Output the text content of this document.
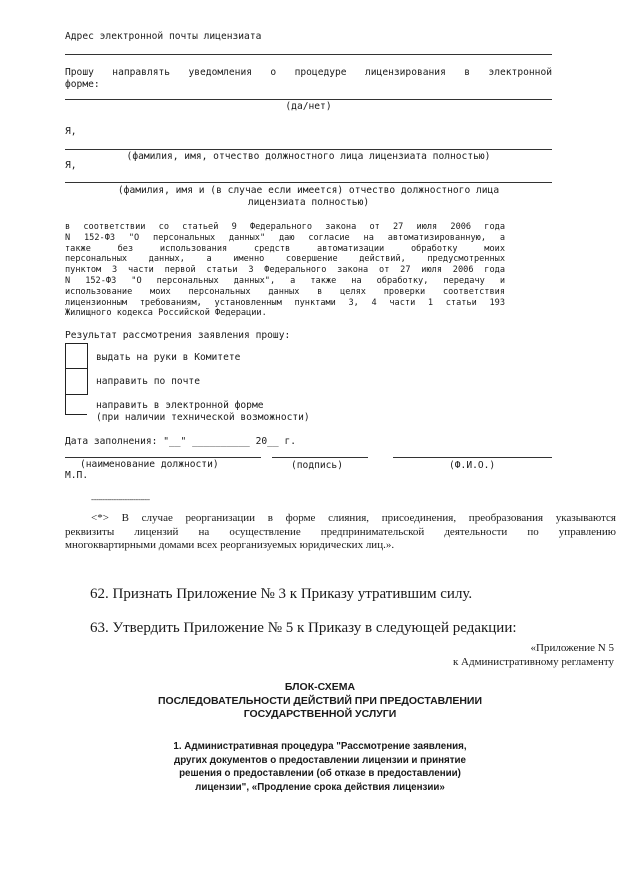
Адрес электронной почты лицензиата
Прошу направлять уведомления о процедуре лицензирования в электронной
форме:
(да/нет)
Я,
(фамилия, имя, отчество должностного лица лицензиата полностью)
Я,
(фамилия, имя и (в случае если имеется) отчество должностного лица
лицензиата полностью)
в соответствии со статьей 9 Федерального закона от 27 июля 2006 года
N 152-ФЗ "О персональных данных" даю согласие на автоматизированную, а
также без использования средств автоматизации обработку моих
персональных данных, а именно совершение действий, предусмотренных
пунктом 3 части первой статьи 3 Федерального закона от 27 июля 2006 года
N 152-ФЗ "О персональных данных", а также на обработку, передачу и
использование моих персональных данных в целях проверки соответствия
лицензионным требованиям, установленным пунктами 3, 4 части 1 статьи 193
Жилищного кодекса Российской Федерации.
Результат рассмотрения заявления прошу:
выдать на руки в Комитете
направить по почте
направить в электронной форме
(при наличии технической возможности)
Дата заполнения: "__" __________ 20__ г.
(наименование должности)	(подпись)	(Ф.И.О.)
М.П.
--------------------------------
<*> В случае реорганизации в форме слияния, присоединения, преобразования указываются
реквизиты лицензий на осуществление предпринимательской деятельности по управлению
многоквартирными домами всех реорганизуемых юридических лиц.».
62. Признать Приложение № 3 к Приказу утратившим силу.
63. Утвердить Приложение № 5 к Приказу в следующей редакции:
«Приложение N 5
к Административному регламенту
БЛОК-СХЕМА
ПОСЛЕДОВАТЕЛЬНОСТИ ДЕЙСТВИЙ ПРИ ПРЕДОСТАВЛЕНИИ
ГОСУДАРСТВЕННОЙ УСЛУГИ
1. Административная процедура "Рассмотрение заявления,
других документов о предоставлении лицензии и принятие
решения о предоставлении (об отказе в предоставлении)
лицензии", «Продление срока действия лицензии»
